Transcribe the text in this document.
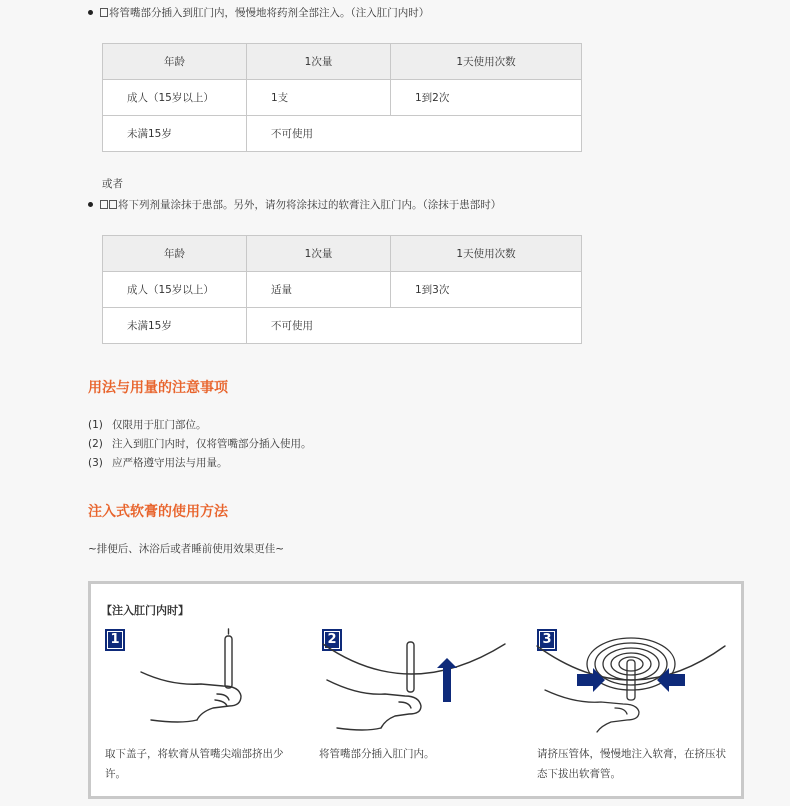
将管嘴部分插入到肛门内，慢慢地将药剂全部注入。（注入肛门内时）
年龄	1次量	1天使用次数
成人（15岁以上）	1支	1到2次
未满15岁	不可使用	
或者
将下列剂量涂抹于患部。另外，请勿将涂抹过的软膏注入肛门内。（涂抹于患部时）
年龄	1次量	1天使用次数
成人（15岁以上）	适量	1到3次
未满15岁	不可使用	
用法与用量的注意事项
(1) 仅限用于肛门部位。
(2) 注入到肛门内时，仅将管嘴部分插入使用。
(3) 应严格遵守用法与用量。
注入式软膏的使用方法
~排便后、沐浴后或者睡前使用效果更佳~
【注入肛门内时】
1
取下盖子，将软膏从管嘴尖端部挤出少许。
2
将管嘴部分插入肛门内。
3
请挤压管体，慢慢地注入软膏，在挤压状态下拔出软膏管。
